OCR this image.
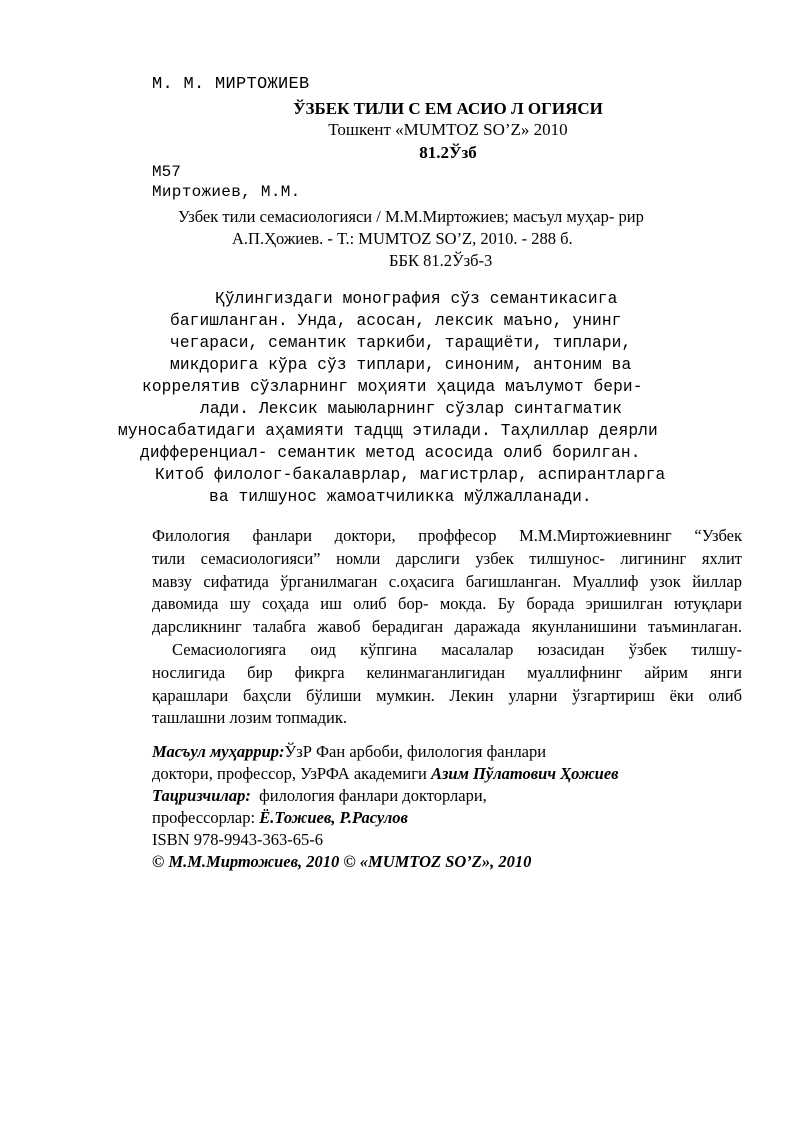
М. М. МИРТОЖИЕВ
ЎЗБЕК ТИЛИ С ЕМ АСИО Л ОГИЯСИ
Тошкент «MUMTOZ SO’Z» 2010
81.2Ўзб
М57
Миртожиев, М.М.
Узбек тили семасиологияси / М.М.Миртожиев; масъул муҳар- рир
А.П.Ҳожиев. - Т.: MUMTOZ SO’Z, 2010. - 288 б.
ББК 81.2Ўзб-3
Қўлингиздаги монография сўз семантикасига
багишланган. Унда, асосан, лексик маъно, унинг
чегараси, семантик таркиби, таращиёти, типлари,
микдорига кўра сўз типлари, синоним, антоним ва
коррелятив сўзларнинг моҳияти ҳацида маълумот бери-
лади. Лексик маыюларнинг сўзлар синтагматик
муносабатидаги аҳамияти тадцщ этилади. Таҳлиллар деярли
дифференциал- семантик метод асосида олиб борилган.
Китоб филолог-бакалаврлар, магистрлар, аспирантларга
ва тилшунос жамоатчиликка мўлжалланади.
Филология фанлари доктори, проффесор М.М.Миртожиевнинг “Узбек
тили семасиологияси” номли дарслиги узбек тилшунос- лигининг яхлит
мавзу сифатида ўрганилмаган с.оҳасига багишланган. Муаллиф узок йиллар
давомида шу соҳада иш олиб бор- мокда. Бу борада эришилган ютуқлари
дарсликнинг талабга жавоб берадиган даражада якунланишини таъминлаган.
Семасиологияга оид кўпгина масалалар юзасидан ўзбек тилшу-
нослигида бир фикрга келинмаганлигидан муаллифнинг айрим янги
қарашлари баҳсли бўлиши мумкин. Лекин уларни ўзгартириш ёки олиб
ташлашни лозим топмадик.
Масъул муҳаррир:ЎзР Фан арбоби, филология фанлари
доктори, профессор, УзРФА академиги Азим Пўлатович Ҳожиев
Тацризчилар:  филология фанлари докторлари,
профессорлар: Ё.Тожиев, Р.Расулов
ISBN 978-9943-363-65-6
© М.М.Миртожиев, 2010 © «MUMTOZ SO’Z», 2010
